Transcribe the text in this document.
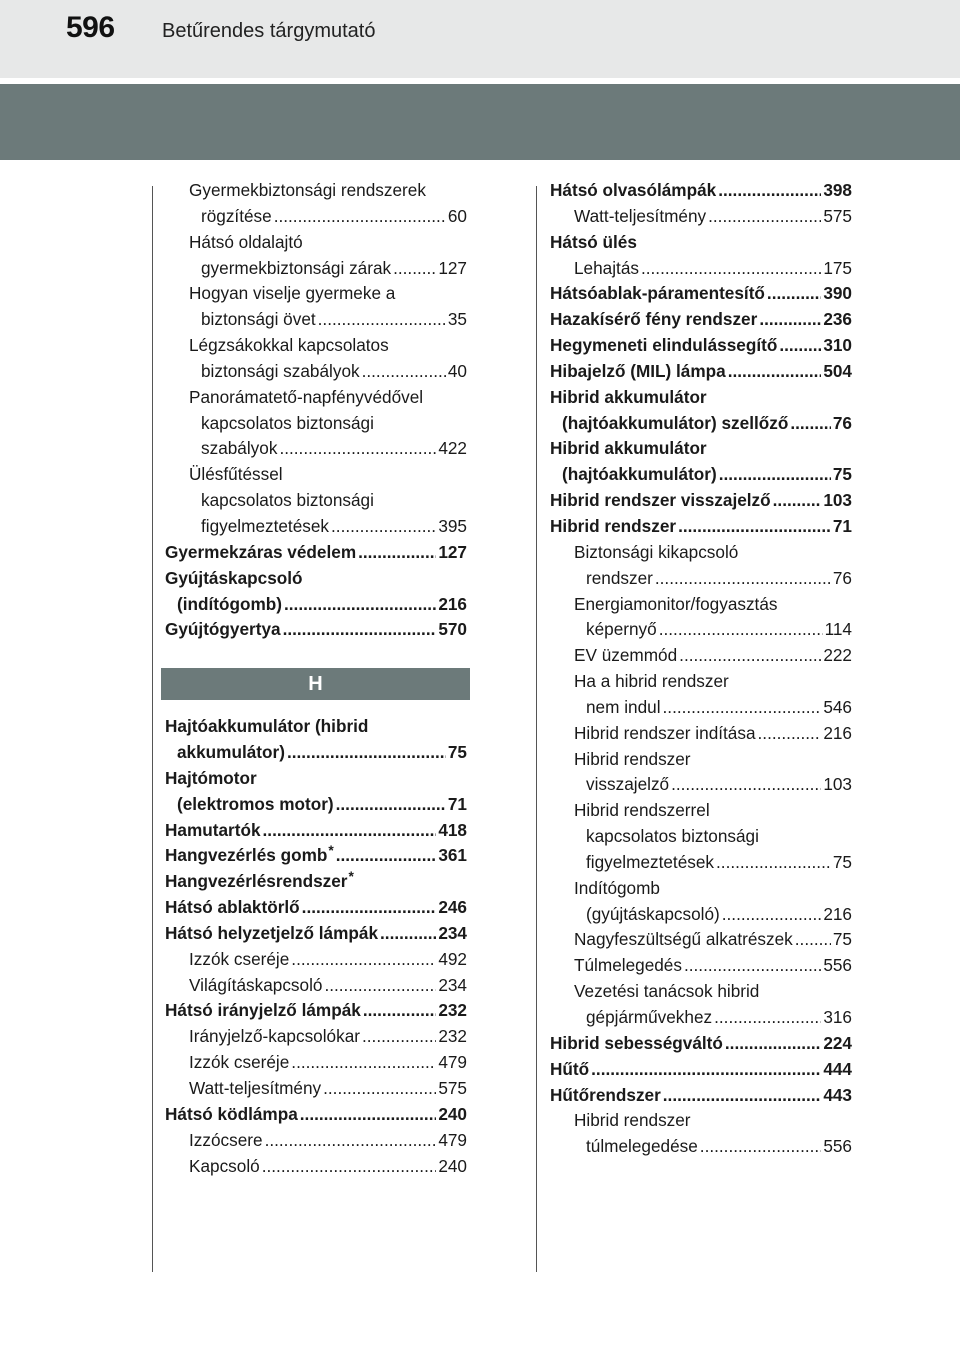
596 Betűrendes tárgymutató
Gyermekbiztonsági rendszerek
rögzítése .....	60
Hátsó oldalajtó
gyermekbiztonsági zárak .....	127
Hogyan viselje gyermeke a
biztonsági övet .....	35
Légzsákokkal kapcsolatos
biztonsági szabályok .....	40
Panorámatető-napfényvédővel
kapcsolatos biztonsági
szabályok .....	422
Ülésfűtéssel
kapcsolatos biztonsági
figyelmeztetések .....	395
Gyermekzáras védelem .....	127
Gyújtáskapcsoló
(indítógomb) .....	216
Gyújtógyertya .....	570
H
Hajtóakkumulátor (hibrid
akkumulátor) .....	75
Hajtómotor
(elektromos motor) .....	71
Hamutartók .....	418
Hangvezérlés gomb* .....	361
Hangvezérlésrendszer*
Hátsó ablaktörlő .....	246
Hátsó helyzetjelző lámpák .....	234
Izzók cseréje .....	492
Világításkapcsoló .....	234
Hátsó irányjelző lámpák .....	232
Irányjelző-kapcsolókar .....	232
Izzók cseréje .....	479
Watt-teljesítmény .....	575
Hátsó ködlámpa .....	240
Izzócsere .....	479
Kapcsoló .....	240
Hátsó olvasólámpák .....	398
Watt-teljesítmény .....	575
Hátsó ülés
Lehajtás .....	175
Hátsóablak-páramentesítő .....	390
Hazakísérő fény rendszer .....	236
Hegymeneti elindulássegítő .....	310
Hibajelző (MIL) lámpa .....	504
Hibrid akkumulátor
(hajtóakkumulátor) szellőző .....	76
Hibrid akkumulátor
(hajtóakkumulátor) .....	75
Hibrid rendszer visszajelző .....	103
Hibrid rendszer .....	71
Biztonsági kikapcsoló
rendszer .....	76
Energiamonitor/fogyasztás
képernyő .....	114
EV üzemmód .....	222
Ha a hibrid rendszer
nem indul .....	546
Hibrid rendszer indítása .....	216
Hibrid rendszer
visszajelző .....	103
Hibrid rendszerrel
kapcsolatos biztonsági
figyelmeztetések .....	75
Indítógomb
(gyújtáskapcsoló) .....	216
Nagyfeszültségű alkatrészek ..... 75
Túlmelegedés .....	556
Vezetési tanácsok hibrid
gépjárművekhez .....	316
Hibrid sebességváltó .....	224
Hűtő .....	444
Hűtőrendszer .....	443
Hibrid rendszer
túlmelegedése .....	556
